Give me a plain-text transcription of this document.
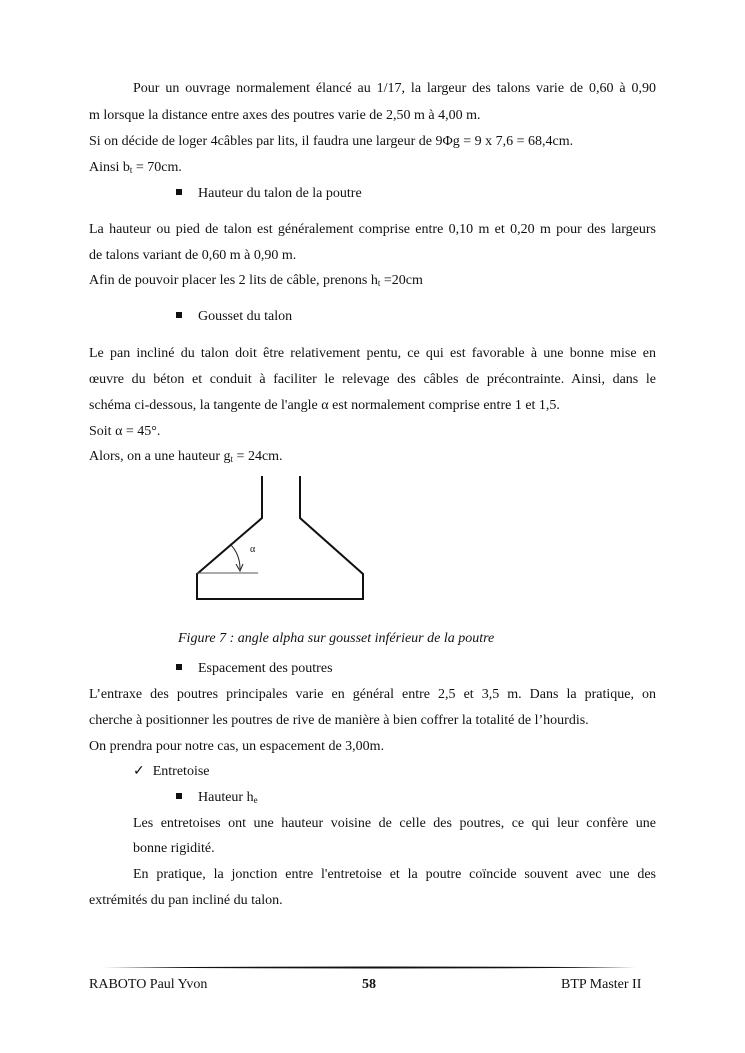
Pour un ouvrage normalement élancé au 1/17, la largeur des talons varie de 0,60 à 0,90
m lorsque la distance entre axes des poutres varie de 2,50 m à 4,00 m.
Si on décide de loger 4câbles par lits, il faudra une largeur de 9Φg = 9 x 7,6 = 68,4cm.
Ainsi $b_t = 70cm$.
Hauteur du talon de la poutre
La hauteur ou pied de talon est généralement comprise entre 0,10 m et 0,20 m pour des largeurs
de talons variant de 0,60 m à 0,90 m.
Afin de pouvoir placer les 2 lits de câble, prenons $h_t =20cm$
Gousset du talon
Le pan incliné du talon doit être relativement pentu, ce qui est favorable à une bonne mise en
œuvre du béton et conduit à faciliter le relevage des câbles de précontrainte. Ainsi, dans le
schéma ci-dessous, la tangente de l'angle α est normalement comprise entre 1 et 1,5.
Soit α = 45°.
Alors, on a une hauteur $g_t = 24cm$.
α
Figure 7 : angle alpha sur gousset inférieur de la poutre
Espacement des poutres
L’entraxe des poutres principales varie en général entre 2,5 et 3,5 m. Dans la pratique, on
cherche à positionner les poutres de rive de manière à bien coffrer la totalité de l’hourdis.
On prendra pour notre cas, un espacement de 3,00m.
✓ Entretoise
Hauteur $h_e$
Les entretoises ont une hauteur voisine de celle des poutres, ce qui leur confère une
bonne rigidité.
En pratique, la jonction entre l'entretoise et la poutre coïncide souvent avec une des
extrémités du pan incliné du talon.
RABOTO Paul Yvon	58	BTP Master II
